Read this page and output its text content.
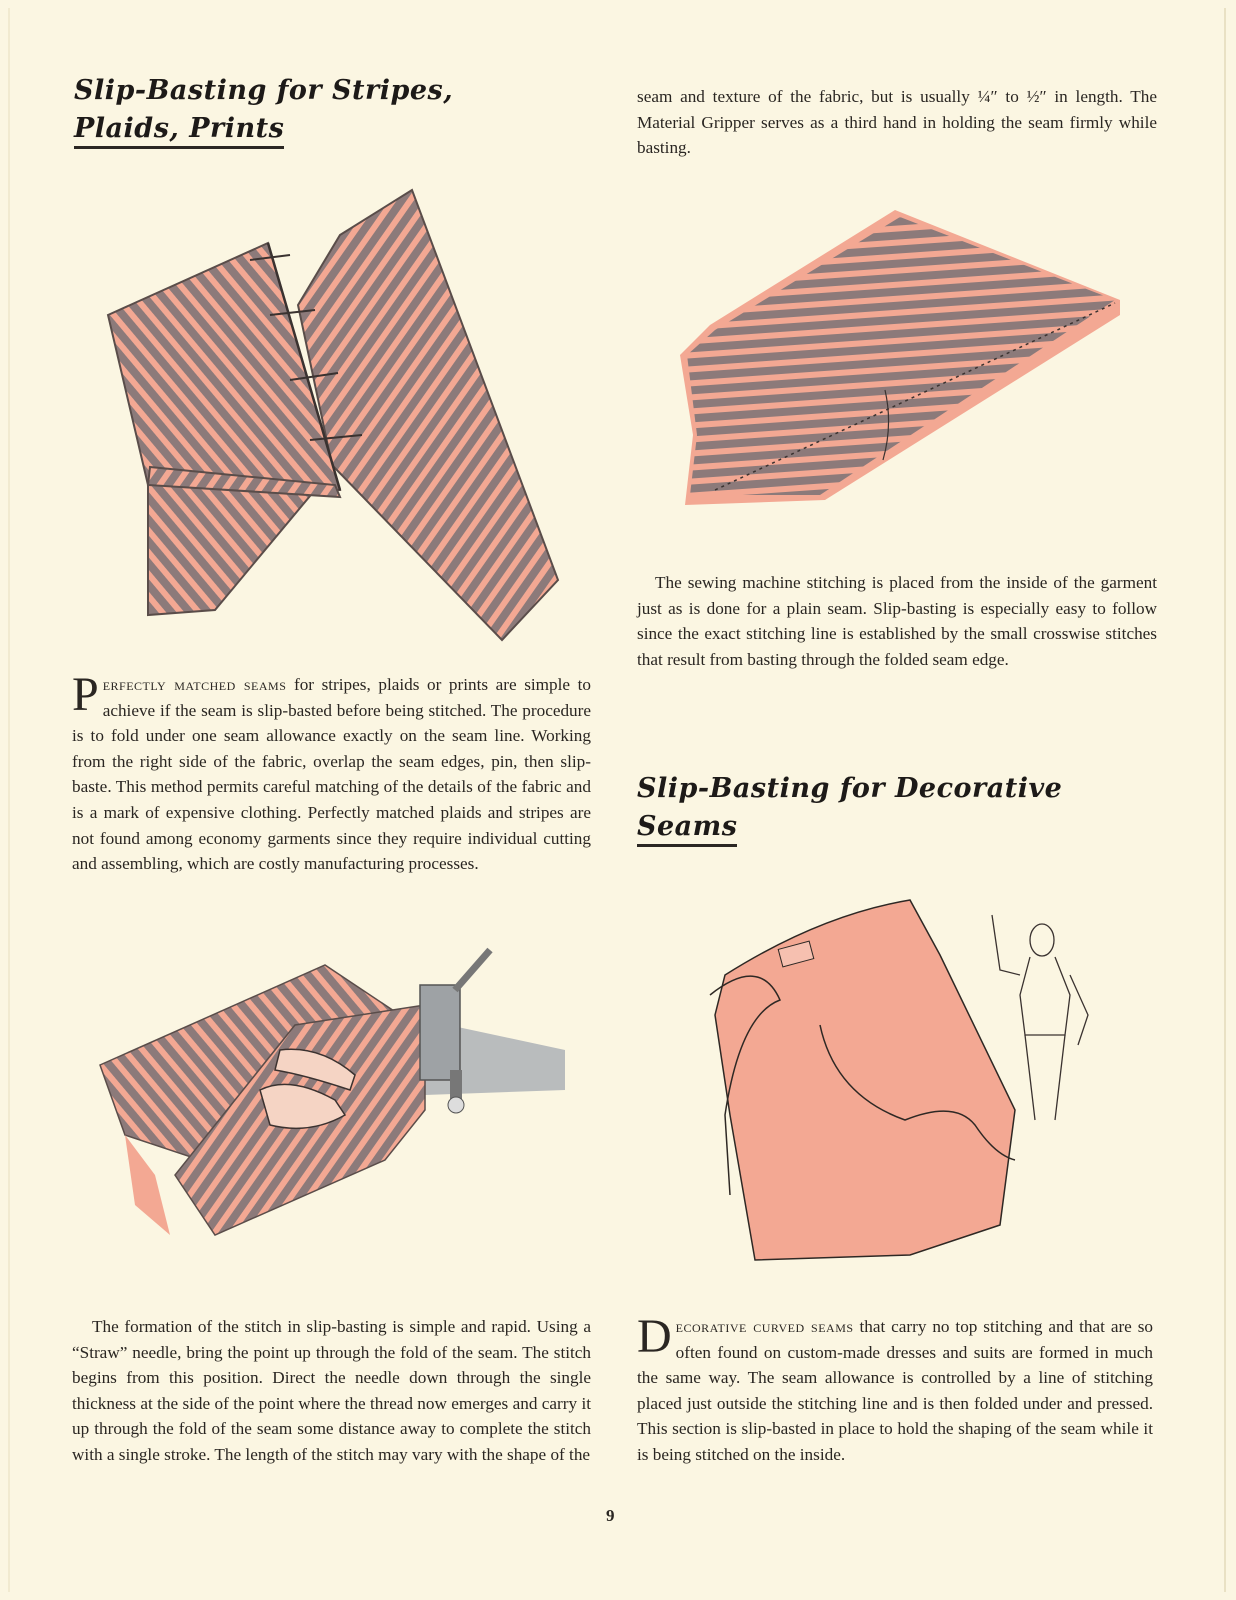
Slip-Basting for Stripes,
Plaids, Prints

Perfectly matched seams for stripes, plaids or prints are simple to achieve if the seam is slip-basted before being stitched. The procedure is to fold under one seam allowance exactly on the seam line. Working from the right side of the fabric, overlap the seam edges, pin, then slip-baste. This method permits careful matching of the details of the fabric and is a mark of expensive clothing. Perfectly matched plaids and stripes are not found among economy garments since they require individual cutting and assembling, which are costly manufacturing processes.

The formation of the stitch in slip-basting is simple and rapid. Using a “Straw” needle, bring the point up through the fold of the seam. The stitch begins from this position. Direct the needle down through the single thickness at the side of the point where the thread now emerges and carry it up through the fold of the seam some distance away to complete the stitch with a single stroke. The length of the stitch may vary with the shape of the

seam and texture of the fabric, but is usually ¼″ to ½″ in length. The Material Gripper serves as a third hand in holding the seam firmly while basting.

The sewing machine stitching is placed from the inside of the garment just as is done for a plain seam. Slip-basting is especially easy to follow since the exact stitching line is established by the small crosswise stitches that result from basting through the folded seam edge.

Slip-Basting for Decorative
Seams

Decorative curved seams that carry no top stitching and that are so often found on custom-made dresses and suits are formed in much the same way. The seam allowance is controlled by a line of stitching placed just outside the stitching line and is then folded under and pressed. This section is slip-basted in place to hold the shaping of the seam while it is being stitched on the inside.

9
